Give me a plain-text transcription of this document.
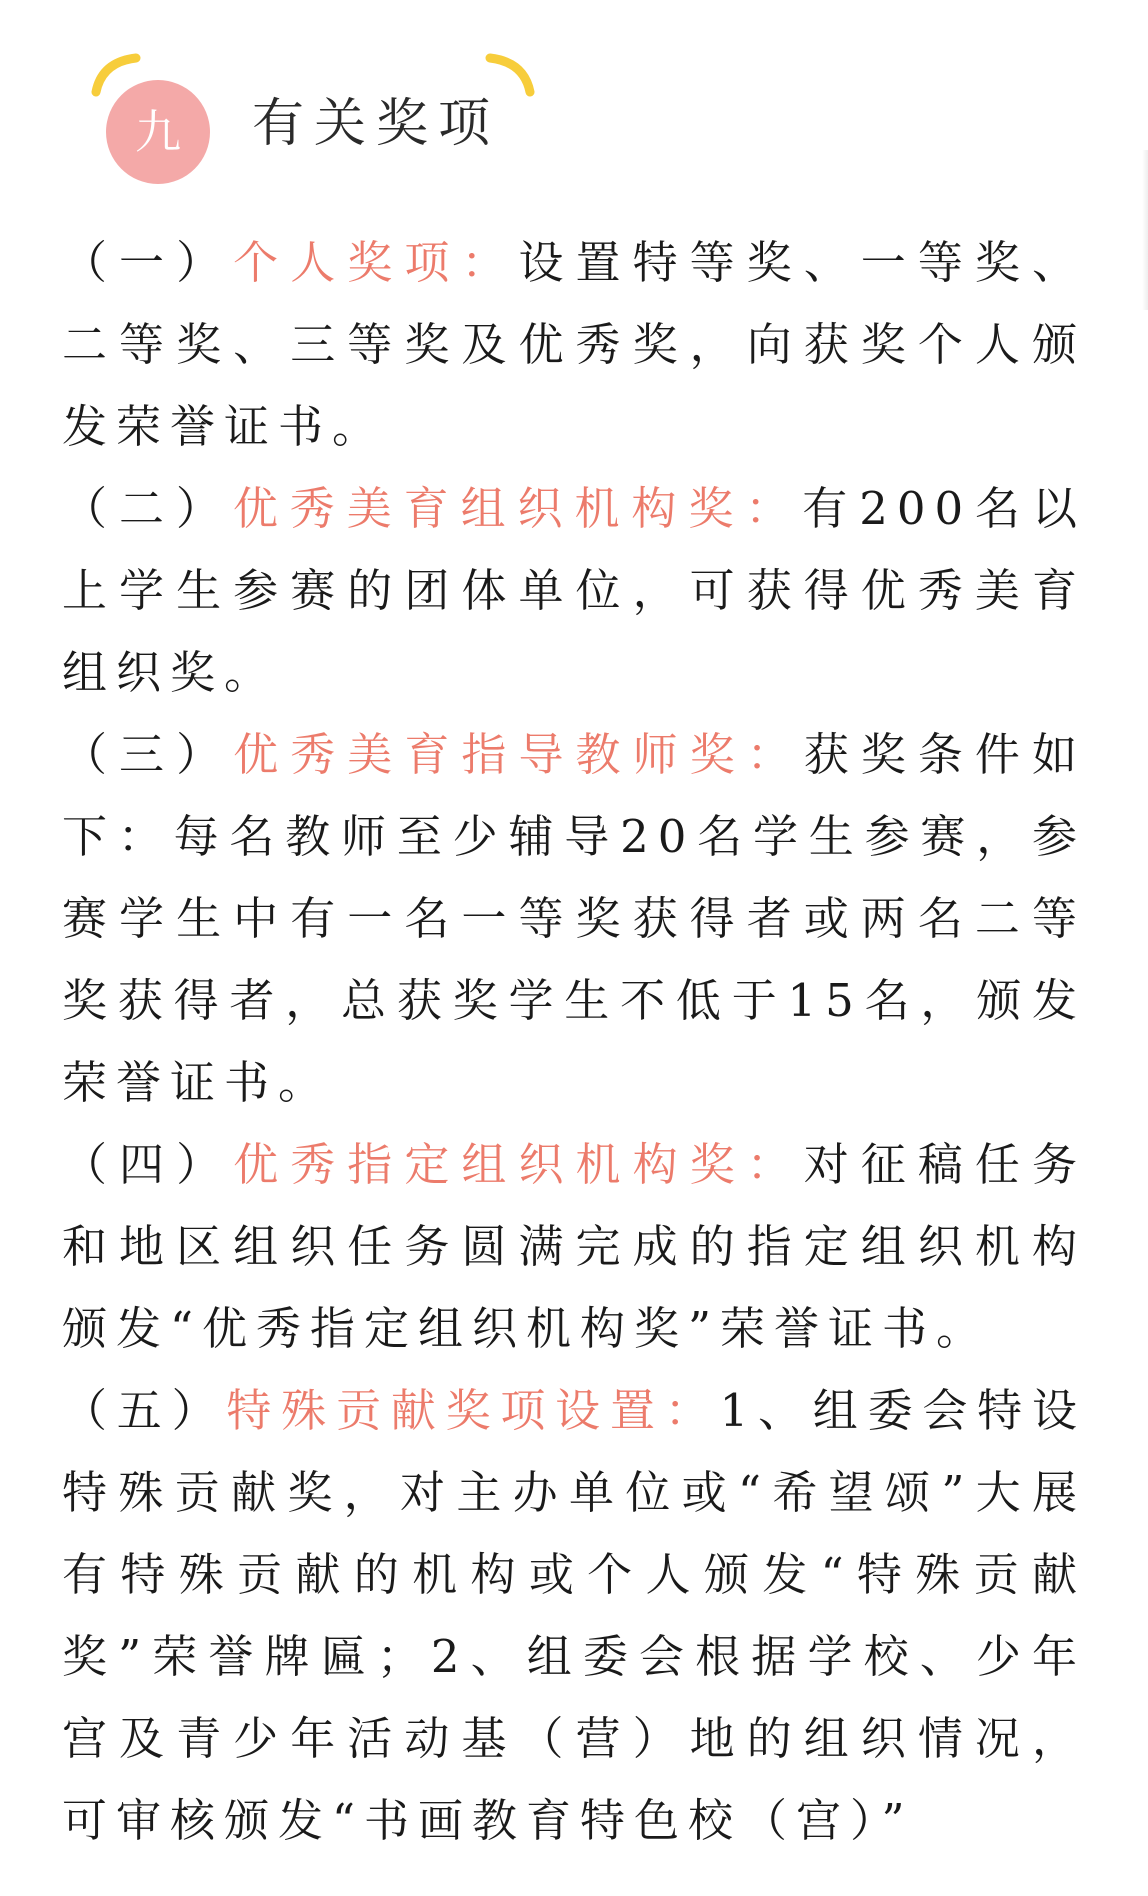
九 有关奖项

（一）个人奖项：设置特等奖、一等奖、二等奖、三等奖及优秀奖，向获奖个人颁发荣誉证书。

（二）优秀美育组织机构奖：有200名以上学生参赛的团体单位，可获得优秀美育组织奖。

（三）优秀美育指导教师奖：获奖条件如下：每名教师至少辅导20名学生参赛，参赛学生中有一名一等奖获得者或两名二等奖获得者，总获奖学生不低于15名，颁发荣誉证书。

（四）优秀指定组织机构奖：对征稿任务和地区组织任务圆满完成的指定组织机构颁发“优秀指定组织机构奖”荣誉证书。

（五）特殊贡献奖项设置：1、组委会特设特殊贡献奖，对主办单位或“希望颂”大展有特殊贡献的机构或个人颁发“特殊贡献奖”荣誉牌匾；2、组委会根据学校、少年宫及青少年活动基（营）地的组织情况，可审核颁发“书画教育特色校（宫）”
